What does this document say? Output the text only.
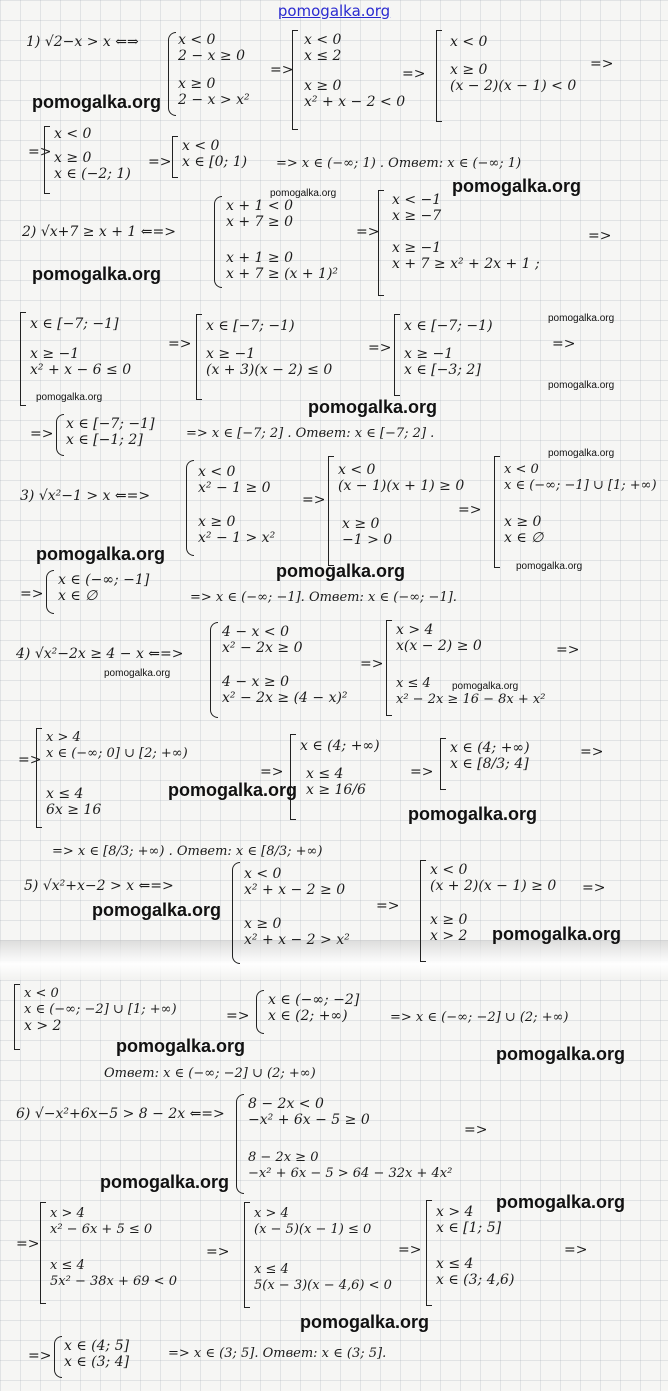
pomogalka.org
1) √2−x > x ⇐⇒	x < 0
2 − x ≥ 0
x ≥ 0
2 − x > x²
=>
x < 0
x ≤ 2
x ≥ 0
x² + x − 2 < 0
=>
x < 0
x ≥ 0
(x − 2)(x − 1) < 0
=>
=>
x < 0
x ≥ 0
x ∈ (−2; 1)
=>
x < 0
x ∈ [0; 1) => x ∈ (−∞; 1) . Ответ: x ∈ (−∞; 1)
2) √x+7 ≥ x + 1 ⇐=>
x + 1 < 0
x + 7 ≥ 0
x + 1 ≥ 0
x + 7 ≥ (x + 1)²
=>
x < −1
x ≥ −7
x ≥ −1
x + 7 ≥ x² + 2x + 1 ;
=>
x ∈ [−7; −1]
x ≥ −1
x² + x − 6 ≤ 0
=>
x ∈ [−7; −1)
x ≥ −1
(x + 3)(x − 2) ≤ 0
=>
x ∈ [−7; −1)
x ≥ −1
x ∈ [−3; 2]
=>
=>
x ∈ [−7; −1]
x ∈ [−1; 2]	=> x ∈ [−7; 2] . Ответ: x ∈ [−7; 2] .
3) √x²−1 > x ⇐=>
x < 0
x² − 1 ≥ 0
x ≥ 0
x² − 1 > x²
=>
x < 0
(x − 1)(x + 1) ≥ 0
x ≥ 0
−1 > 0
=>
x < 0
x ∈ (−∞; −1] ∪ [1; +∞)
x ≥ 0
x ∈ ∅
=>
x ∈ (−∞; −1]
x ∈ ∅	=> x ∈ (−∞; −1]. Ответ: x ∈ (−∞; −1].
4) √x²−2x ≥ 4 − x ⇐=>
4 − x < 0
x² − 2x ≥ 0
4 − x ≥ 0
x² − 2x ≥ (4 − x)²
=>
x > 4
x(x − 2) ≥ 0
x ≤ 4
x² − 2x ≥ 16 − 8x + x²
=>
=>
x > 4
x ∈ (−∞; 0] ∪ [2; +∞)
x ≤ 4
6x ≥ 16
=>
x ∈ (4; +∞)
x ≤ 4
x ≥ 16/6
=>
x ∈ (4; +∞)
x ∈ [8/3; 4]
=>
=> x ∈ [8/3; +∞) . Ответ: x ∈ [8/3; +∞)
5) √x²+x−2 > x ⇐=>
x < 0
x² + x − 2 ≥ 0
x ≥ 0
x² + x − 2 > x²
=>
x < 0
(x + 2)(x − 1) ≥ 0
x ≥ 0
x > 2
=>
x < 0
x ∈ (−∞; −2] ∪ [1; +∞)
x > 2
=>
x ∈ (−∞; −2]
x ∈ (2; +∞)	=> x ∈ (−∞; −2] ∪ (2; +∞)
Ответ: x ∈ (−∞; −2] ∪ (2; +∞)
6) √−x²+6x−5 > 8 − 2x ⇐=>
8 − 2x < 0
−x² + 6x − 5 ≥ 0
8 − 2x ≥ 0
−x² + 6x − 5 > 64 − 32x + 4x²
=>
=>
x > 4
x² − 6x + 5 ≤ 0
x ≤ 4
5x² − 38x + 69 < 0
=>
x > 4
(x − 5)(x − 1) ≤ 0
x ≤ 4
5(x − 3)(x − 4,6) < 0
=>
x > 4
x ∈ [1; 5]
x ≤ 4
x ∈ (3; 4,6)
=>
=>
x ∈ (4; 5]
x ∈ (3; 4]
=> x ∈ (3; 5]. Ответ: x ∈ (3; 5].
pomogalka.org
pomogalka.org	pomogalka.org
pomogalka.org
pomogalka.org
pomogalka.org
pomogalka.org	pomogalka.org
pomogalka.org
pomogalka.org
pomogalka.org	pomogalka.org
pomogalka.org
pomogalka.org
pomogalka.org
pomogalka.org
pomogalka.org
pomogalka.org
pomogalka.org	pomogalka.org
pomogalka.org
pomogalka.org
pomogalka.org
